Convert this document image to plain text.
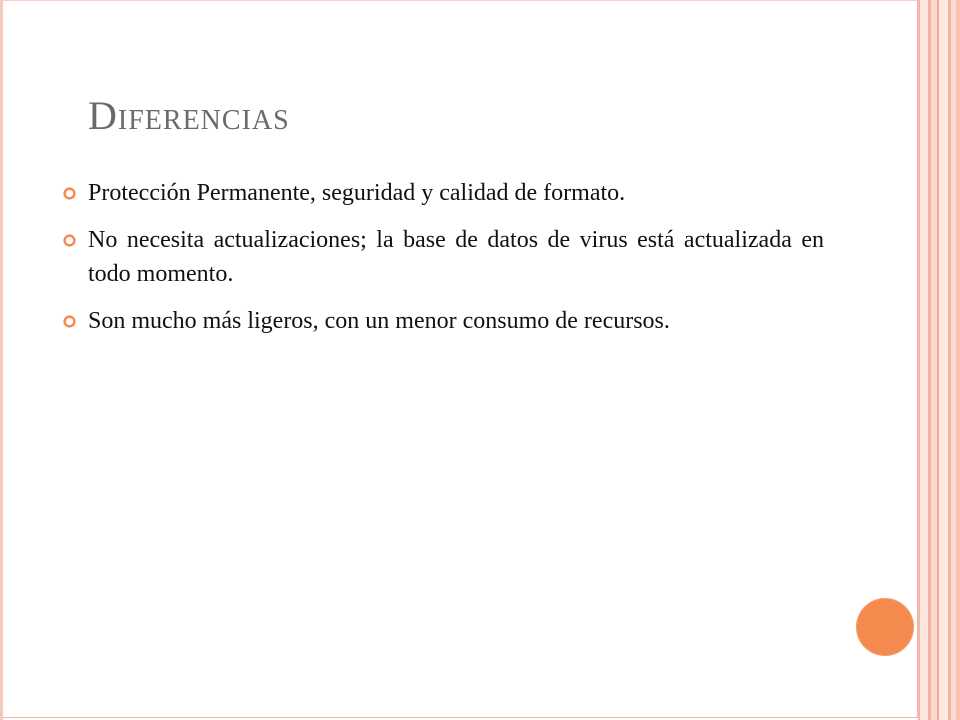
Diferencias
Protección Permanente, seguridad y calidad de formato.
No necesita actualizaciones; la base de datos de virus está actualizada en todo momento.
Son mucho más ligeros, con un menor consumo de recursos.
